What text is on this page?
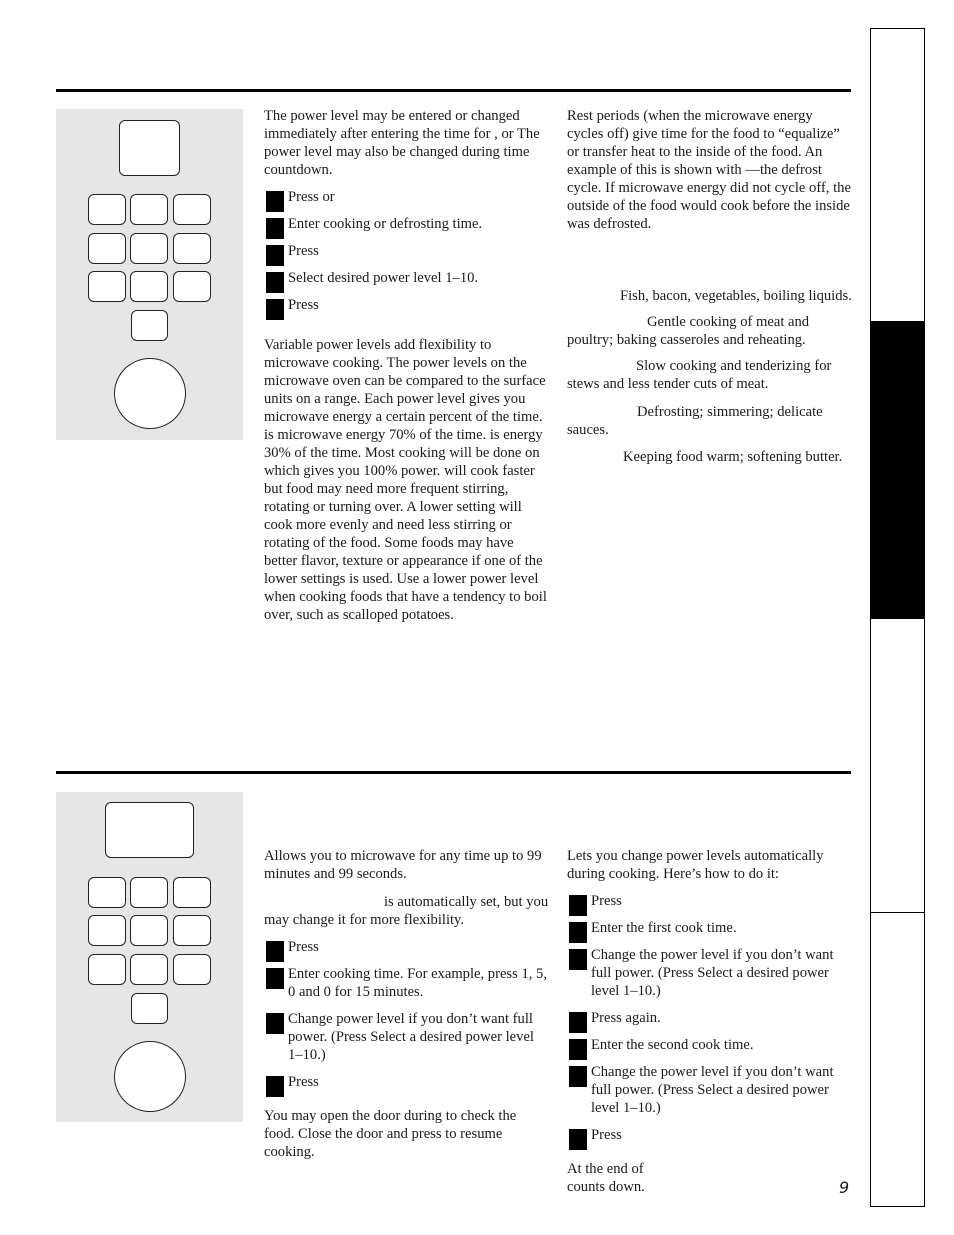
The power level may be entered or changed immediately after entering the time for , or The power level may also be changed during time countdown.

Press or
Enter cooking or defrosting time.
Press
Select desired power level 1–10.
Press

Variable power levels add flexibility to microwave cooking. The power levels on the microwave oven can be compared to the surface units on a range. Each power level gives you microwave energy a certain percent of the time. is microwave energy 70% of the time. is energy 30% of the time. Most cooking will be done on which gives you 100% power. will cook faster but food may need more frequent stirring, rotating or turning over. A lower setting will cook more evenly and need less stirring or rotating of the food. Some foods may have better flavor, texture or appearance if one of the lower settings is used. Use a lower power level when cooking foods that have a tendency to boil over, such as scalloped potatoes.

Rest periods (when the microwave energy cycles off) give time for the food to “equalize” or transfer heat to the inside of the food. An example of this is shown with —the defrost cycle. If microwave energy did not cycle off, the outside of the food would cook before the inside was defrosted.

Fish, bacon, vegetables, boiling liquids.

Gentle cooking of meat and poultry; baking casseroles and reheating.

Slow cooking and tenderizing for stews and less tender cuts of meat.

Defrosting; simmering; delicate sauces.

Keeping food warm; softening butter.

Allows you to microwave for any time up to 99 minutes and 99 seconds.

is automatically set, but you may change it for more flexibility.

Press
Enter cooking time. For example, press 1, 5, 0 and 0 for 15 minutes.
Change power level if you don’t want full power. (Press Select a desired power level 1–10.)
Press

You may open the door during to check the food. Close the door and press to resume cooking.

Lets you change power levels automatically during cooking. Here’s how to do it:

Press
Enter the first cook time.
Change the power level if you don’t want full power. (Press Select a desired power level 1–10.)
Press again.
Enter the second cook time.
Change the power level if you don’t want full power. (Press Select a desired power level 1–10.)
Press

At the end of counts down.	9
